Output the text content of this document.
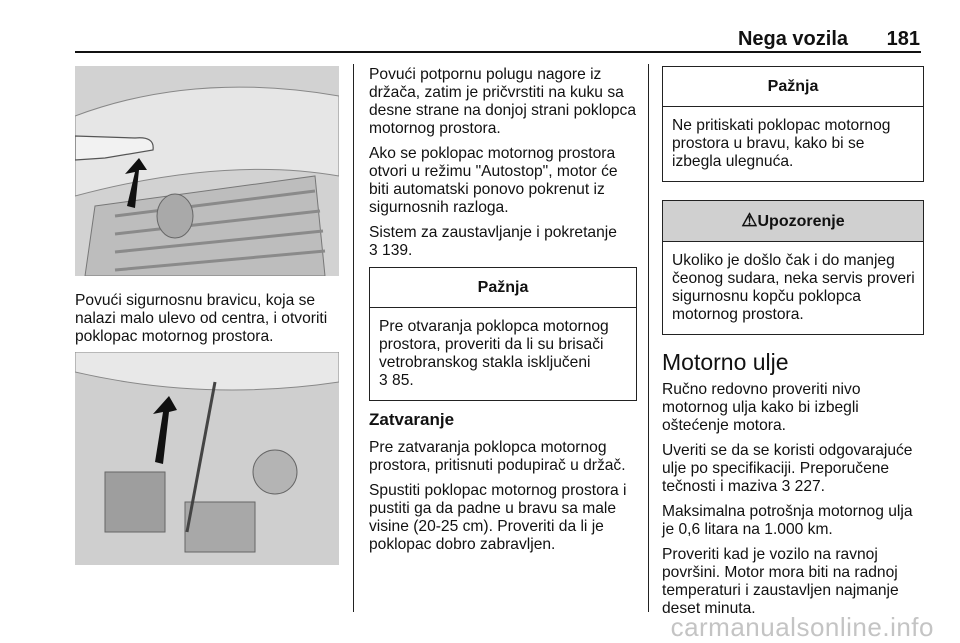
Nega vozila	181

Povući sigurnosnu bravicu, koja se nalazi malo ulevo od centra, i otvoriti poklopac motornog prostora.

Povući potpornu polugu nagore iz držača, zatim je pričvrstiti na kuku sa desne strane na donjoj strani poklopca motornog prostora.

Ako se poklopac motornog prostora otvori u režimu "Autostop", motor će biti automatski ponovo pokrenut iz sigurnosnih razloga.

Sistem za zaustavljanje i pokretanje
3 139.

Pažnja
Pre otvaranja poklopca motornog prostora, proveriti da li su brisači vetrobranskog stakla isključeni
3 85.
Zatvaranje

Pre zatvaranja poklopca motornog prostora, pritisnuti podupirač u držač.

Spustiti poklopac motornog prostora i pustiti ga da padne u bravu sa male visine (20-25 cm). Proveriti da li je poklopac dobro zabravljen.

Pažnja
Ne pritiskati poklopac motornog prostora u bravu, kako bi se izbegla ulegnuća.
⚠Upozorenje
Ukoliko je došlo čak i do manjeg čeonog sudara, neka servis proveri sigurnosnu kopču poklopca motornog prostora.
Motorno ulje

Ručno redovno proveriti nivo motornog ulja kako bi izbegli oštećenje motora.

Uveriti se da se koristi odgovarajuće ulje po specifikaciji. Preporučene tečnosti i maziva 3 227.

Maksimalna potrošnja motornog ulja je 0,6 litara na 1.000 km.

Proveriti kad je vozilo na ravnoj površini. Motor mora biti na radnoj temperaturi i zaustavljen najmanje deset minuta.

carmanualsonline.info
